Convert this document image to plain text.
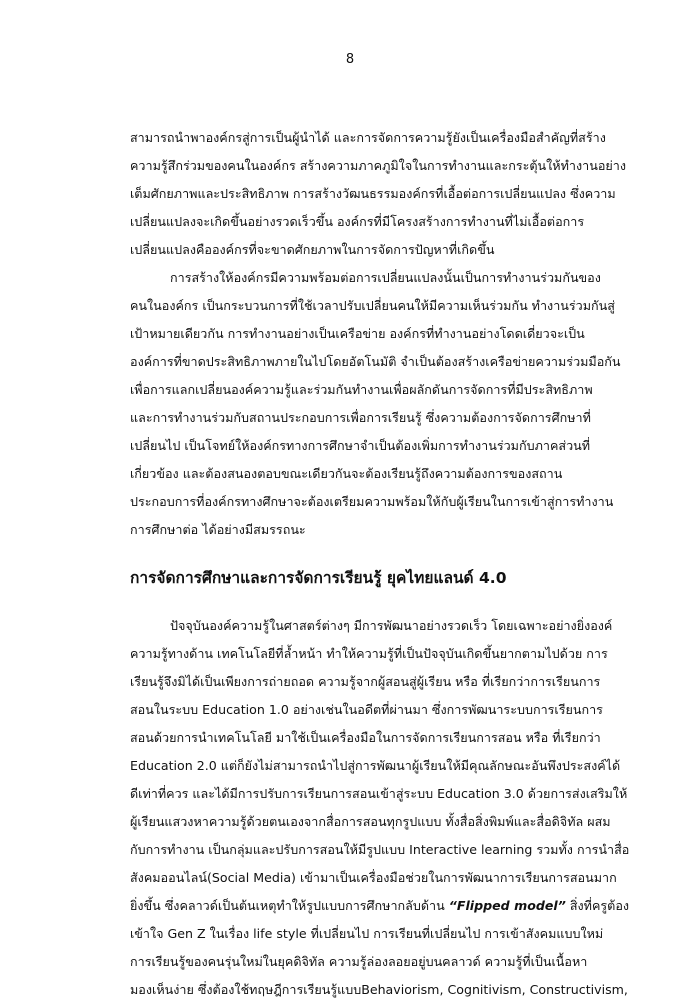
8
สามารถนำพาองค์กรสู่การเป็นผู้นำได้ และการจัดการความรู้ยังเป็นเครื่องมือสำคัญที่สร้าง
ความรู้สึกร่วมของคนในองค์กร สร้างความภาคภูมิใจในการทำงานและกระตุ้นให้ทำงานอย่าง
เต็มศักยภาพและประสิทธิภาพ การสร้างวัฒนธรรมองค์กรที่เอื้อต่อการเปลี่ยนแปลง ซึ่งความ
เปลี่ยนแปลงจะเกิดขึ้นอย่างรวดเร็วขึ้น องค์กรที่มีโครงสร้างการทำงานที่ไม่เอื้อต่อการ
เปลี่ยนแปลงคือองค์กรที่จะขาดศักยภาพในการจัดการปัญหาที่เกิดขึ้น
การสร้างให้องค์กรมีความพร้อมต่อการเปลี่ยนแปลงนั้นเป็นการทำงานร่วมกันของ
คนในองค์กร เป็นกระบวนการที่ใช้เวลาปรับเปลี่ยนคนให้มีความเห็นร่วมกัน ทำงานร่วมกันสู่
เป้าหมายเดียวกัน การทำงานอย่างเป็นเครือข่าย องค์กรที่ทำงานอย่างโดดเดี่ยวจะเป็น
องค์การที่ขาดประสิทธิภาพภายในไปโดยอัตโนมัติ จำเป็นต้องสร้างเครือข่ายความร่วมมือกัน
เพื่อการแลกเปลี่ยนองค์ความรู้และร่วมกันทำงานเพื่อผลักดันการจัดการที่มีประสิทธิภาพ
และการทำงานร่วมกับสถานประกอบการเพื่อการเรียนรู้ ซึ่งความต้องการจัดการศึกษาที่
เปลี่ยนไป เป็นโจทย์ให้องค์กรทางการศึกษาจำเป็นต้องเพิ่มการทำงานร่วมกับภาคส่วนที่
เกี่ยวข้อง และต้องสนองตอบขณะเดียวกันจะต้องเรียนรู้ถึงความต้องการของสถาน
ประกอบการที่องค์กรทางศึกษาจะต้องเตรียมความพร้อมให้กับผู้เรียนในการเข้าสู่การทำงาน
การศึกษาต่อ ได้อย่างมีสมรรถนะ
การจัดการศึกษาและการจัดการเรียนรู้ ยุคไทยแลนด์ 4.0
ปัจจุบันองค์ความรู้ในศาสตร์ต่างๆ มีการพัฒนาอย่างรวดเร็ว โดยเฉพาะอย่างยิ่งองค์
ความรู้ทางด้าน เทคโนโลยีที่ล้ำหน้า ทำให้ความรู้ที่เป็นปัจจุบันเกิดขึ้นยากตามไปด้วย การ
เรียนรู้จึงมิได้เป็นเพียงการถ่ายถอด ความรู้จากผู้สอนสู่ผู้เรียน หรือ ที่เรียกว่าการเรียนการ
สอนในระบบ Education 1.0 อย่างเช่นในอดีตที่ผ่านมา ซึ่งการพัฒนาระบบการเรียนการ
สอนด้วยการนำเทคโนโลยี มาใช้เป็นเครื่องมือในการจัดการเรียนการสอน หรือ ที่เรียกว่า
Education 2.0 แต่ก็ยังไม่สามารถนำไปสู่การพัฒนาผู้เรียนให้มีคุณลักษณะอันพึงประสงค์ได้
ดีเท่าที่ควร และได้มีการปรับการเรียนการสอนเข้าสู่ระบบ Education 3.0 ด้วยการส่งเสริมให้
ผู้เรียนแสวงหาความรู้ด้วยตนเองจากสื่อการสอนทุกรูปแบบ ทั้งสื่อสิ่งพิมพ์และสื่อดิจิทัล ผสม
กับการทำงาน เป็นกลุ่มและปรับการสอนให้มีรูปแบบ Interactive learning รวมทั้ง การนำสื่อ
สังคมออนไลน์(Social Media) เข้ามาเป็นเครื่องมือช่วยในการพัฒนาการเรียนการสอนมาก
ยิ่งขึ้น ซึ่งคลาวด์เป็นต้นเหตุทำให้รูปแบบการศึกษากลับด้าน “Flipped model” สิ่งที่ครูต้อง
เข้าใจ Gen Z ในเรื่อง life style ที่เปลี่ยนไป การเรียนที่เปลี่ยนไป การเข้าสังคมแบบใหม่
การเรียนรู้ของคนรุ่นใหม่ในยุคดิจิทัล ความรู้ล่องลอยอยู่บนคลาวด์ ความรู้ที่เป็นเนื้อหา
มองเห็นง่าย ซึ่งต้องใช้ทฤษฎีการเรียนรู้แบบBehaviorism, Cognitivism, Constructivism,
